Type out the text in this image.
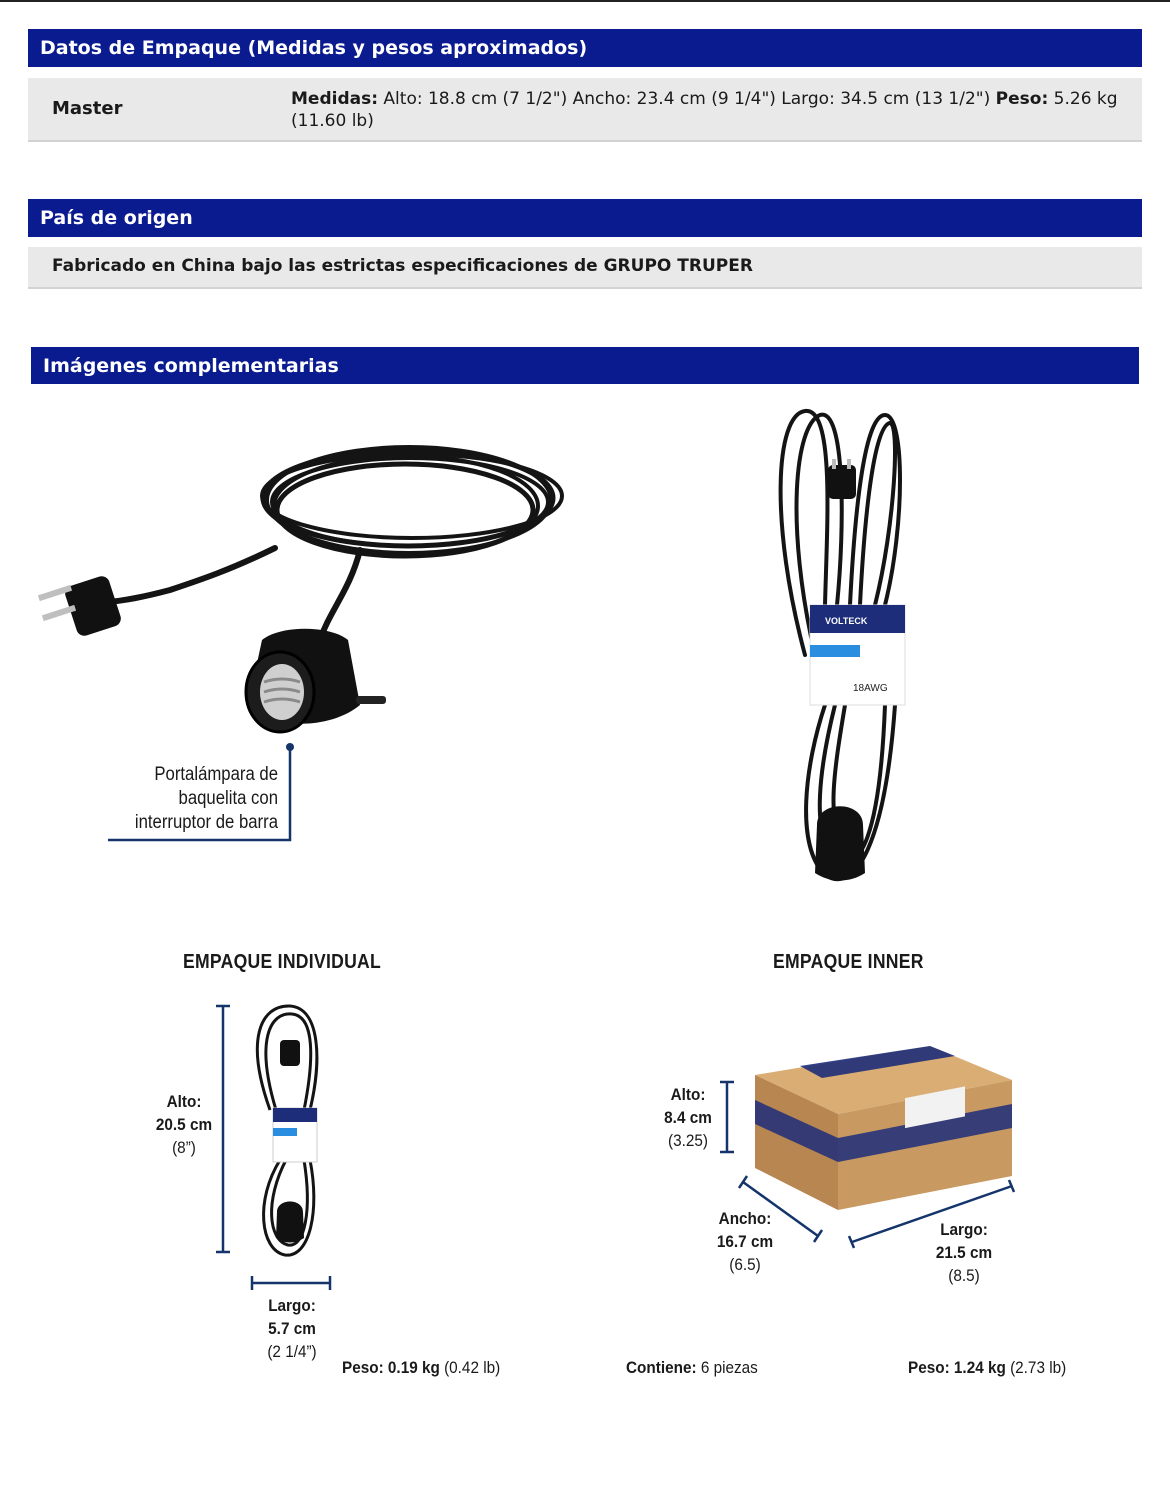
Datos de Empaque (Medidas y pesos aproximados)
Master	Medidas: Alto: 18.8 cm (7 1/2") Ancho: 23.4 cm (9 1/4") Largo: 34.5 cm (13 1/2") Peso: 5.26 kg (11.60 lb)
País de origen
Fabricado en China bajo las estrictas especificaciones de GRUPO TRUPER
Imágenes complementarias
Portalámpara de
baquelita con
interruptor de barra
VOLTECK
18AWG
EMPAQUE INDIVIDUAL
Alto:
20.5 cm
(8”)
Largo:
5.7 cm
(2 1/4”)
Peso: 0.19 kg (0.42 lb)
EMPAQUE INNER
Alto:
8.4 cm
(3.25)
Ancho:
16.7 cm
(6.5)
Largo:
21.5 cm
(8.5)
Contiene: 6 piezas	Peso: 1.24 kg (2.73 lb)
